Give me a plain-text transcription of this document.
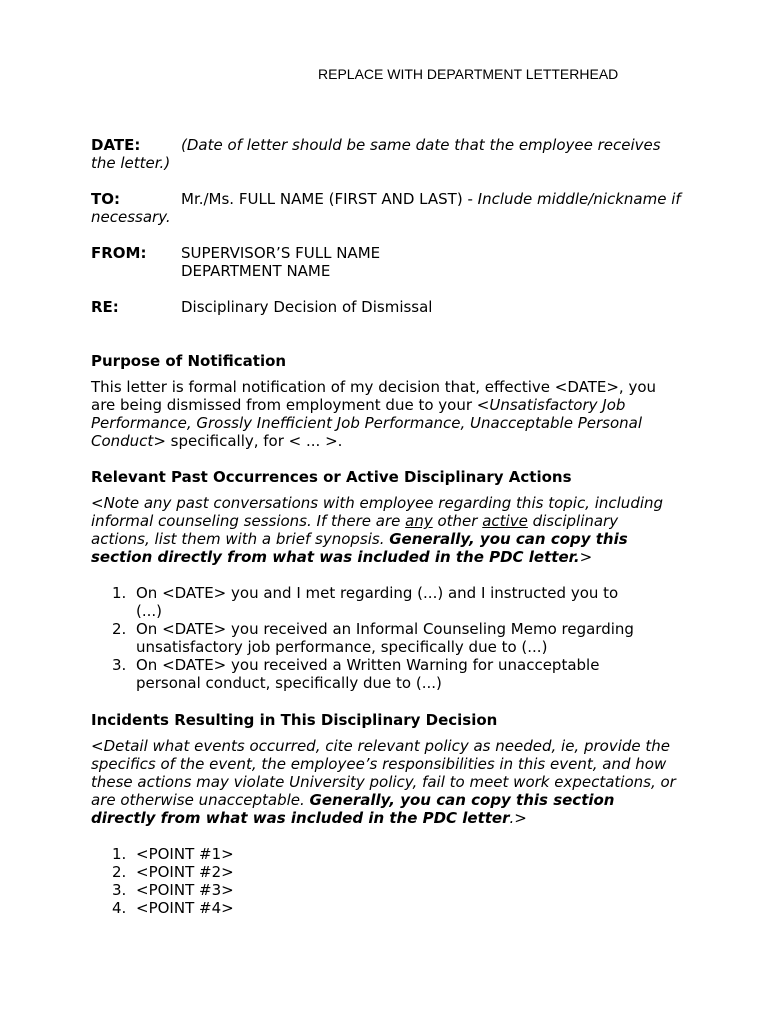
REPLACE WITH DEPARTMENT LETTERHEAD
DATE:	(Date of letter should be same date that the employee receives the letter.)
TO:	Mr./Ms. FULL NAME (FIRST AND LAST) - Include middle/nickname if necessary.
FROM:	SUPERVISOR’S FULL NAME
DEPARTMENT NAME
RE:	Disciplinary Decision of Dismissal
Purpose of Notification
This letter is formal notification of my decision that, effective <DATE>, you are being dismissed from employment due to your <Unsatisfactory Job Performance, Grossly Inefficient Job Performance, Unacceptable Personal Conduct> specifically, for < ... >.
Relevant Past Occurrences or Active Disciplinary Actions
<Note any past conversations with employee regarding this topic, including informal counseling sessions. If there are any other active disciplinary actions, list them with a brief synopsis. Generally, you can copy this section directly from what was included in the PDC letter.>
1. On <DATE> you and I met regarding (...) and I instructed you to (...)
2. On <DATE> you received an Informal Counseling Memo regarding unsatisfactory job performance, specifically due to (...)
3. On <DATE> you received a Written Warning for unacceptable personal conduct, specifically due to (...)
Incidents Resulting in This Disciplinary Decision
<Detail what events occurred, cite relevant policy as needed, ie, provide the specifics of the event, the employee’s responsibilities in this event, and how these actions may violate University policy, fail to meet work expectations, or are otherwise unacceptable. Generally, you can copy this section directly from what was included in the PDC letter.>
1. <POINT #1>
2. <POINT #2>
3. <POINT #3>
4. <POINT #4>
